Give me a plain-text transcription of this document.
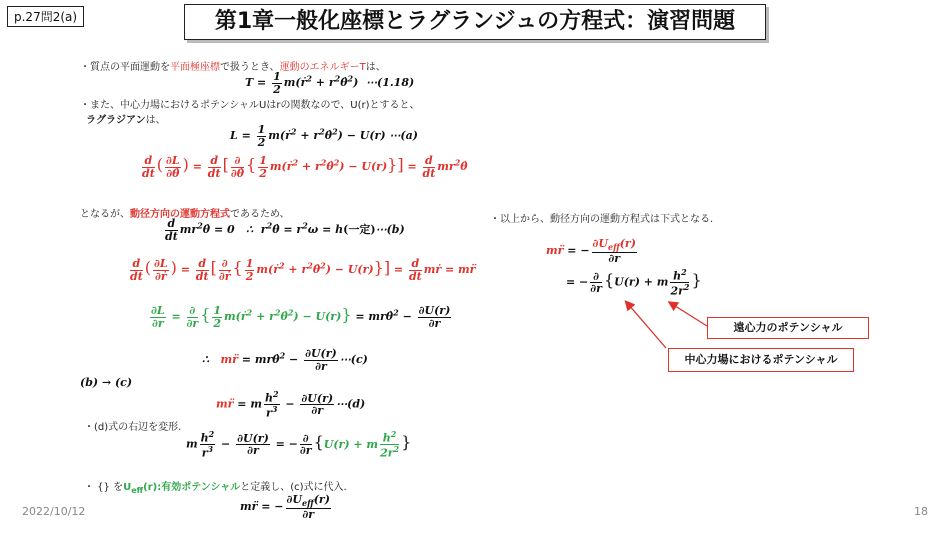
p.27問2(a)	第1章一般化座標とラグランジュの方程式：演習問題
・質点の平面運動を平面極座標で扱うとき、運動のエネルギーTは、
$T = \frac{1}{2}$ m(ṙ$^2$ + $r^2\thetȧ^2$)  ⋯(1.18)
・また、中心力場におけるポテンシャルUはrの関数なので、U(r)とすると、
ラグラジアンは、
$L = \frac{1}{2}$ m(ṙ$^2$ + $r^2\thetȧ^2) - U(r)$ ⋯(a)
$\frac{d}{dt}$ ( $\frac{\partial L}{\partial\thetȧ}$ ) = $\frac{d}{dt}$ [ $\frac{\partial}{\partial\thetȧ}$ { $\frac{1}{2}$ m(ṙ$^2$ + $r^2\thetȧ^2) - U(r)\}] = \frac{d}{dt}$ $mr^2\thetȧ$
となるが、動径方向の運動方程式であるため、
$\frac{d}{dt}$ $mr^2\thetȧ = 0$   ∴  $r^2\thetȧ = r^2\omega = h$(一定)⋯(b)
$\frac{d}{dt}$ ( $\frac{\partial L}{\text{∂ṙ}}$ ) = $\frac{d}{dt}$ [ $\frac{\partial}{\text{∂ṙ}}$ { $\frac{1}{2}$ m(ṙ$^2$ + $r^2\thetȧ^2) - U(r)\}] = \frac{d}{dt}$ mṙ = mr̈
$\frac{\partial L}{\partial r} = \frac{\partial}{\partial r}$ { $\frac{1}{2}$ m(ṙ$^2$ + $r^2\thetȧ^2) - U(r)$} = mrθ̇$^2$ − $\frac{\partial U(r)}{\partial r}$
∴   mr̈ = mrθ̇$^2$ − $\frac{\partial U(r)}{\partial r}$ ⋯(c)
(b) → (c)
mr̈ = m $\frac{h^2}{r^3} - \frac{\partial U(r)}{\partial r}$ ⋯(d)
・(d)式の右辺を変形.
m $\frac{h^2}{r^3} - \frac{\partial U(r)}{\partial r}$ = − $\frac{\partial}{\partial r} \{U(r) + m \frac{h^2}{2r^2}$ }
・ {} を$U_{eff}(r)$:有効ポテンシャルと定義し、(c)式に代入.
mr̈ = − $\frac{\partial U_{eff}(r)}{\partial r}$
・以上から、動径方向の運動方程式は下式となる.
mr̈ = − $\frac{\partial U_{eff}(r)}{\partial r}$
= − $\frac{\partial}{\partial r} \{U(r) + m \frac{h^2}{2r^2}$ }
遠心力のポテンシャル
中心力場におけるポテンシャル
2022/10/12	18
